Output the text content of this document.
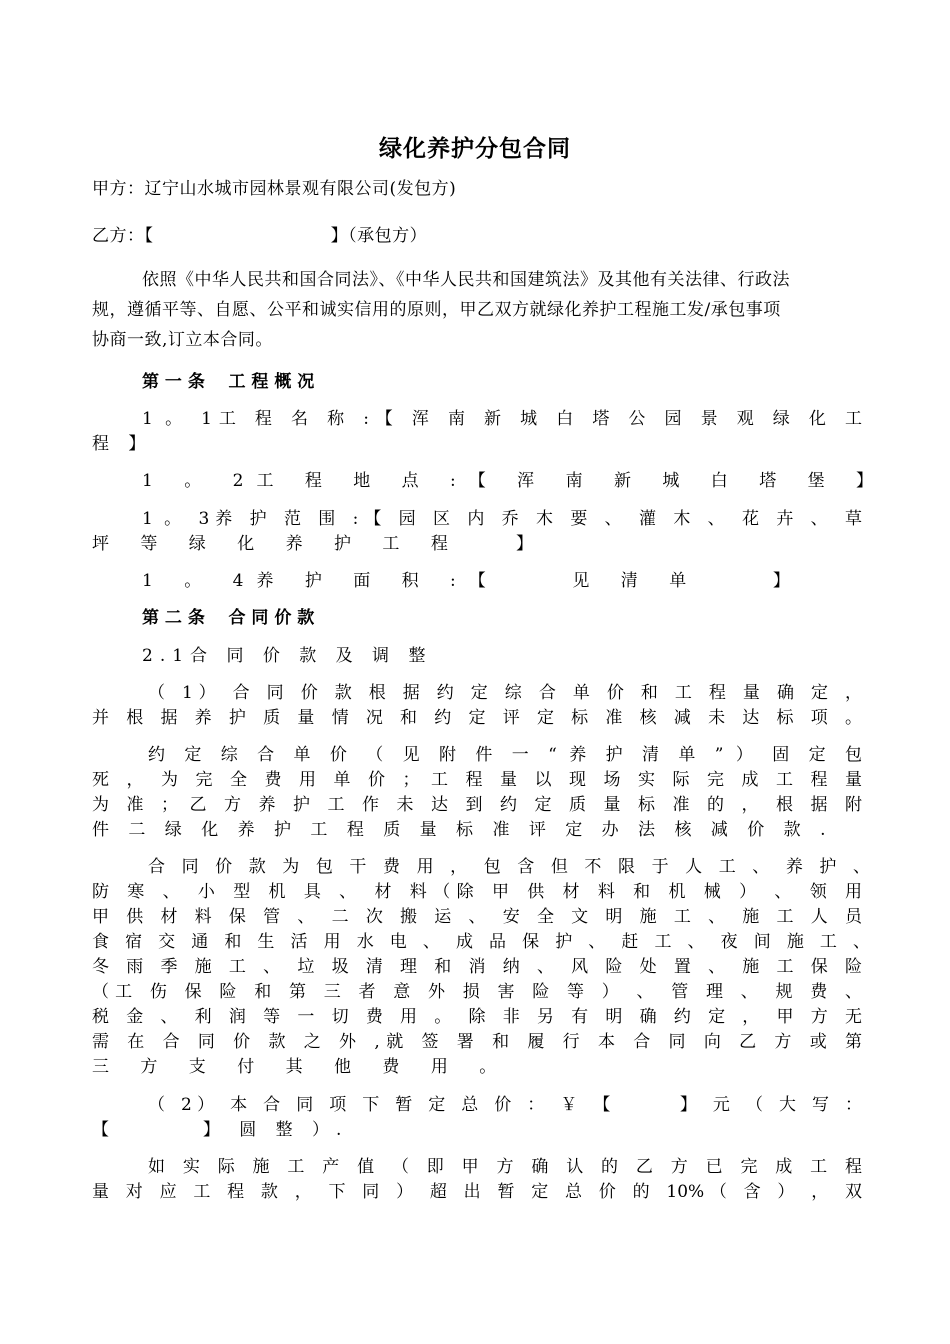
绿化养护分包合同
甲方：辽宁山水城市园林景观有限公司(发包方)
乙方：【                              】（承包方）
依照《中华人民共和国合同法》、《中华人民共和国建筑法》及其他有关法律、行政法
规，遵循平等、自愿、公平和诚实信用的原则，甲乙双方就绿化养护工程施工发/承包事项
协商一致,订立本合同。
第 一 条    工 程 概 况
1 。 1工 程 名 称 :【 浑 南 新 城 白 塔 公 园 景 观 绿 化 工
程 】
1 。 2工 程 地 点 :【 浑 南 新 城 白 塔 堡 】
1 。 3养 护 范 围 :【 园 区 内 乔 木 要 、 灌 木 、 花 卉 、 草
坪 等 绿 化 养 护 工 程   】
1 。 4养 护 面 积 :【    见 清 单    】
第 二 条    合 同 价 款
2.1合 同 价 款 及 调 整
（ 1） 合 同 价 款 根 据 约 定 综 合 单 价 和 工 程 量 确 定 ，
并 根 据 养 护 质 量 情 况 和 约 定 评 定 标 准 核 减 未 达 标 项 。
约 定 综 合 单 价 （ 见 附 件 一 “ 养 护 清 单 ” ） 固 定 包
死 ， 为 完 全 费 用 单 价 ； 工 程 量 以 现 场 实 际 完 成 工 程 量
为 准 ； 乙 方 养 护 工 作 未 达 到 约 定 质 量 标 准 的 ， 根 据 附
件 二 绿 化 养 护 工 程 质 量 标 准 评 定 办 法 核 减 价 款 .
合 同 价 款 为 包 干 费 用 ， 包 含 但 不 限 于 人 工 、 养 护 、
防 寒 、 小 型 机 具 、 材 料（除 甲 供 材 料 和 机 械 ） 、 领 用
甲 供 材 料 保 管 、 二 次 搬 运 、 安 全 文 明 施 工 、 施 工 人 员
食 宿 交 通 和 生 活 用 水 电 、 成 品 保 护 、 赶 工 、 夜 间 施 工 、
冬 雨 季 施 工 、 垃 圾 清 理 和 消 纳 、 风 险 处 置 、 施 工 保 险
（工 伤 保 险 和 第 三 者 意 外 损 害 险 等 ） 、 管 理 、 规 费 、
税 金 、 利 润 等 一 切 费 用 。 除 非 另 有 明 确 约 定 ， 甲 方 无
需 在 合 同 价 款 之 外 ,就 签 署 和 履 行 本 合 同 向 乙 方 或 第
三 方 支 付 其 他 费 用 。
（ 2） 本 合 同 项 下 暂 定 总 价 ： ￥ 【      】 元 （ 大 写 ：
【       】 圆 整 ）.
如 实 际 施 工 产 值 （ 即 甲 方 确 认 的 乙 方 已 完 成 工 程
量 对 应 工 程 款 ， 下 同 ） 超 出 暂 定 总 价 的 10%（ 含 ） ， 双
